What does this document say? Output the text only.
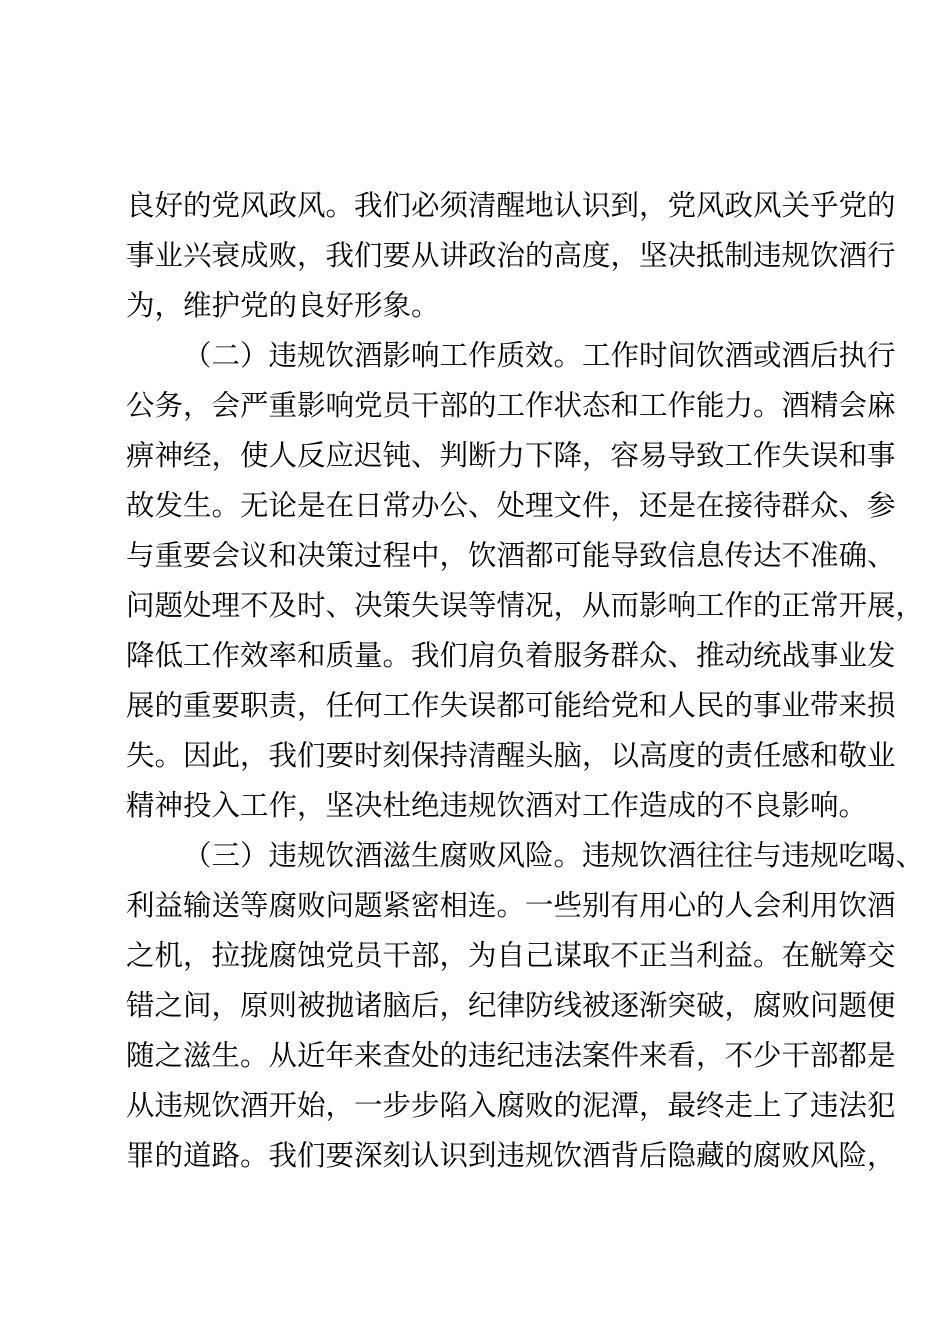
良好的党风政风。我们必须清醒地认识到，党风政风关乎党的
事业兴衰成败，我们要从讲政治的高度，坚决抵制违规饮酒行
为，维护党的良好形象。
（二）违规饮酒影响工作质效。工作时间饮酒或酒后执行
公务，会严重影响党员干部的工作状态和工作能力。酒精会麻
痹神经，使人反应迟钝、判断力下降，容易导致工作失误和事
故发生。无论是在日常办公、处理文件，还是在接待群众、参
与重要会议和决策过程中，饮酒都可能导致信息传达不准确、
问题处理不及时、决策失误等情况，从而影响工作的正常开展，
降低工作效率和质量。我们肩负着服务群众、推动统战事业发
展的重要职责，任何工作失误都可能给党和人民的事业带来损
失。因此，我们要时刻保持清醒头脑，以高度的责任感和敬业
精神投入工作，坚决杜绝违规饮酒对工作造成的不良影响。
（三）违规饮酒滋生腐败风险。违规饮酒往往与违规吃喝、
利益输送等腐败问题紧密相连。一些别有用心的人会利用饮酒
之机，拉拢腐蚀党员干部，为自己谋取不正当利益。在觥筹交
错之间，原则被抛诸脑后，纪律防线被逐渐突破，腐败问题便
随之滋生。从近年来查处的违纪违法案件来看，不少干部都是
从违规饮酒开始，一步步陷入腐败的泥潭，最终走上了违法犯
罪的道路。我们要深刻认识到违规饮酒背后隐藏的腐败风险，
